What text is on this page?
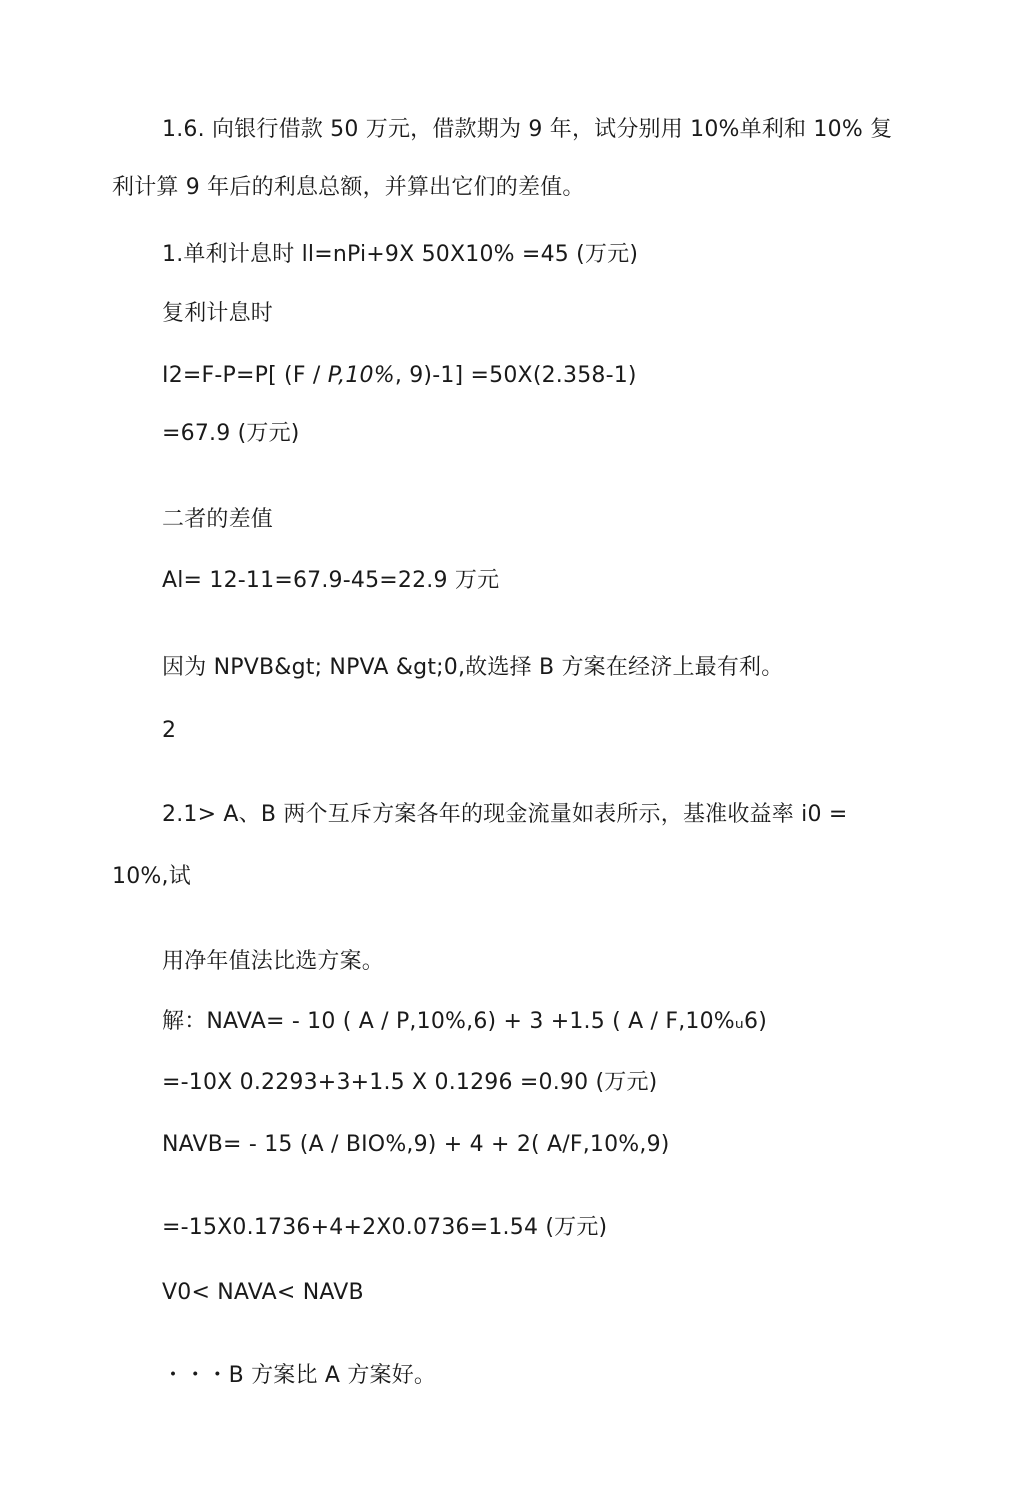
1.6. 向银行借款 50 万元，借款期为 9 年，试分别用 10%单利和 10% 复
利计算 9 年后的利息总额，并算出它们的差值。
1.单利计息时 ll=nPi+9X 50X10% =45 (万元)
复利计息时
I2=F-P=P[ (F / P,10%, 9)-1] =50X(2.358-1)
=67.9 (万元)
二者的差值
Al= 12-11=67.9-45=22.9 万元
因为 NPVB&gt; NPVA &gt;0,故选择 B 方案在经济上最有利。
2
2.1> A、B 两个互斥方案各年的现金流量如表所示，基准收益率 i0 =
10%,试
用净年值法比选方案。
解：NAVA= - 10 ( A / P,10%,6) + 3 +1.5 ( A / F,10%ᵤ6)
=-10X 0.2293+3+1.5 X 0.1296 =0.90 (万元)
NAVB= - 15 (A / BIO%,9) + 4 + 2( A/F,10%,9)
=-15X0.1736+4+2X0.0736=1.54 (万元)
V0< NAVA< NAVB
・・・B 方案比 A 方案好。
